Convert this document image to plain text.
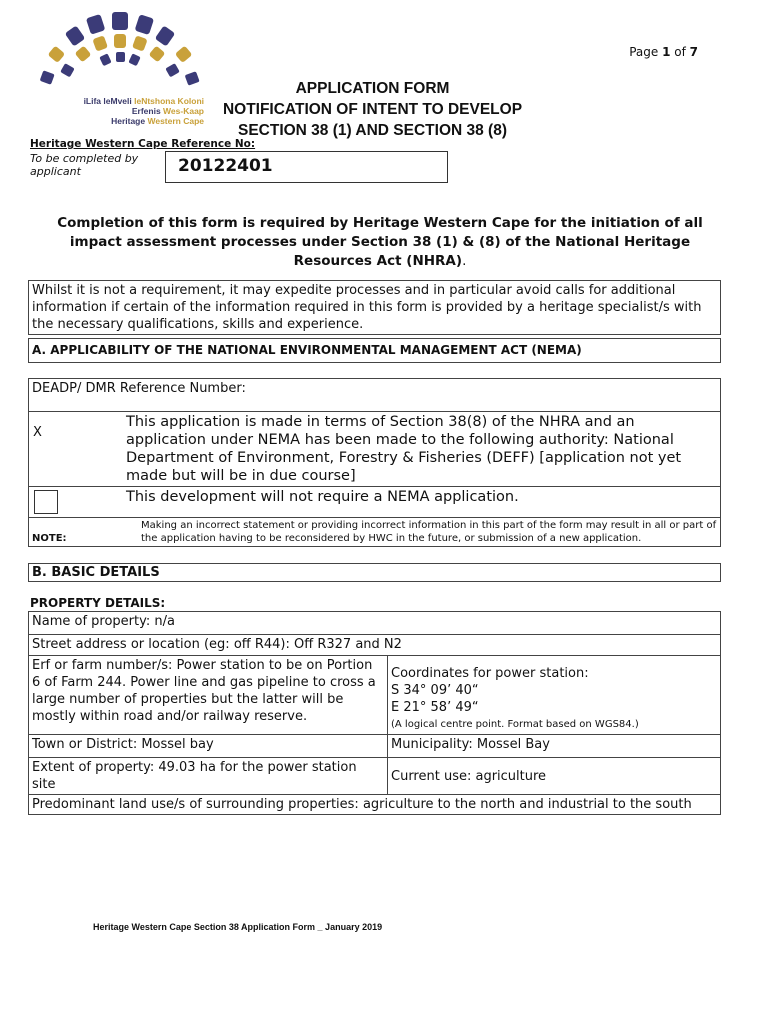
iLifa leMveli leNtshona Koloni
Erfenis Wes-Kaap
Heritage Western Cape
Page 1 of 7
APPLICATION FORM
NOTIFICATION OF INTENT TO DEVELOP
SECTION 38 (1) AND SECTION 38 (8)
Heritage Western Cape Reference No:
To be completed by applicant	20122401
Completion of this form is required by Heritage Western Cape for the initiation of all impact assessment processes under Section 38 (1) & (8) of the National Heritage Resources Act (NHRA).
Whilst it is not a requirement, it may expedite processes and in particular avoid calls for additional information if certain of the information required in this form is provided by a heritage specialist/s with the necessary qualifications, skills and experience.
A. APPLICABILITY OF THE NATIONAL ENVIRONMENTAL MANAGEMENT ACT (NEMA)
DEADP/ DMR Reference Number:	
X	This application is made in terms of Section 38(8) of the NHRA and an application under NEMA has been made to the following authority: National Department of Environment, Forestry & Fisheries (DEFF) [application not yet made but will be in due course]

	This development will not require a NEMA application.
NOTE:	Making an incorrect statement or providing incorrect information in this part of the form may result in all or part of the application having to be reconsidered by HWC in the future, or submission of a new application.
B. BASIC DETAILS
PROPERTY DETAILS:
Name of property: n/a	
Street address or location (eg: off R44): Off R327 and N2	
Erf or farm number/s: Power station to be on Portion 6 of Farm 244. Power line and gas pipeline to cross a large number of properties but the latter will be mostly within road and/or railway reserve.	Coordinates for power station:
S 34° 09’ 40“
E 21° 58’ 49“
(A logical centre point. Format based on WGS84.)

Town or District: Mossel bay	Municipality: Mossel Bay
Extent of property: 49.03 ha for the power station site	Current use: agriculture
Predominant land use/s of surrounding properties: agriculture to the north and industrial to the south	
Heritage Western Cape Section 38 Application Form _ January 2019
